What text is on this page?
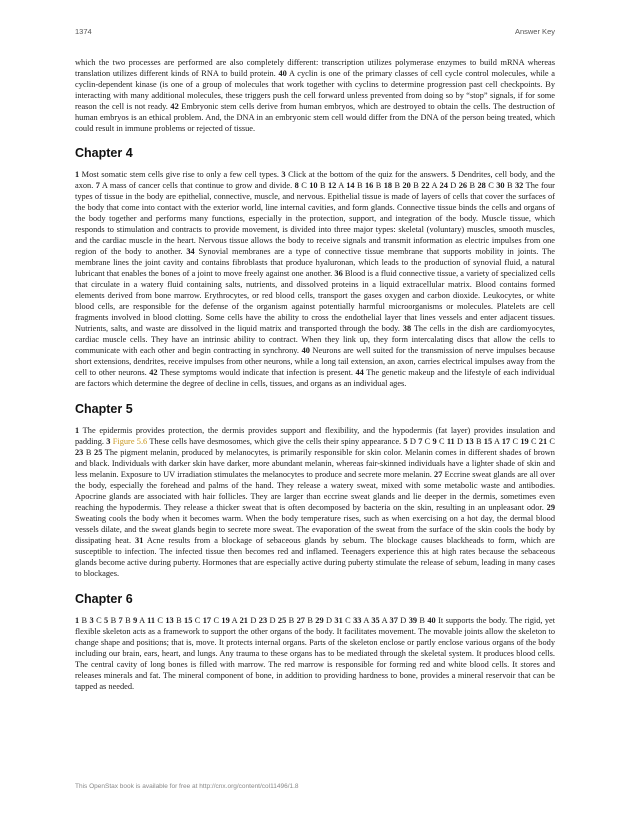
1374	Answer Key

which the two processes are performed are also completely different: transcription utilizes polymerase enzymes to build mRNA whereas translation utilizes different kinds of RNA to build protein. 40 A cyclin is one of the primary classes of cell cycle control molecules, while a cyclin-dependent kinase (is one of a group of molecules that work together with cyclins to determine progression past cell checkpoints. By interacting with many additional molecules, these triggers push the cell forward unless prevented from doing so by “stop” signals, if for some reason the cell is not ready. 42 Embryonic stem cells derive from human embryos, which are destroyed to obtain the cells. The destruction of human embryos is an ethical problem. And, the DNA in an embryonic stem cell would differ from the DNA of the person being treated, which could result in immune problems or rejected of tissue.

Chapter 4

1 Most somatic stem cells give rise to only a few cell types. 3 Click at the bottom of the quiz for the answers. 5 Dendrites, cell body, and the axon. 7 A mass of cancer cells that continue to grow and divide. 8 C 10 B 12 A 14 B 16 B 18 B 20 B 22 A 24 D 26 B 28 C 30 B 32 The four types of tissue in the body are epithelial, connective, muscle, and nervous. Epithelial tissue is made of layers of cells that cover the surfaces of the body that come into contact with the exterior world, line internal cavities, and form glands. Connective tissue binds the cells and organs of the body together and performs many functions, especially in the protection, support, and integration of the body. Muscle tissue, which responds to stimulation and contracts to provide movement, is divided into three major types: skeletal (voluntary) muscles, smooth muscles, and the cardiac muscle in the heart. Nervous tissue allows the body to receive signals and transmit information as electric impulses from one region of the body to another. 34 Synovial membranes are a type of connective tissue membrane that supports mobility in joints. The membrane lines the joint cavity and contains fibroblasts that produce hyaluronan, which leads to the production of synovial fluid, a natural lubricant that enables the bones of a joint to move freely against one another. 36 Blood is a fluid connective tissue, a variety of specialized cells that circulate in a watery fluid containing salts, nutrients, and dissolved proteins in a liquid extracellular matrix. Blood contains formed elements derived from bone marrow. Erythrocytes, or red blood cells, transport the gases oxygen and carbon dioxide. Leukocytes, or white blood cells, are responsible for the defense of the organism against potentially harmful microorganisms or molecules. Platelets are cell fragments involved in blood clotting. Some cells have the ability to cross the endothelial layer that lines vessels and enter adjacent tissues. Nutrients, salts, and waste are dissolved in the liquid matrix and transported through the body. 38 The cells in the dish are cardiomyocytes, cardiac muscle cells. They have an intrinsic ability to contract. When they link up, they form intercalating discs that allow the cells to communicate with each other and begin contracting in synchrony. 40 Neurons are well suited for the transmission of nerve impulses because short extensions, dendrites, receive impulses from other neurons, while a long tail extension, an axon, carries electrical impulses away from the cell to other neurons. 42 These symptoms would indicate that infection is present. 44 The genetic makeup and the lifestyle of each individual are factors which determine the degree of decline in cells, tissues, and organs as an individual ages.

Chapter 5

1 The epidermis provides protection, the dermis provides support and flexibility, and the hypodermis (fat layer) provides insulation and padding. 3 Figure 5.6 These cells have desmosomes, which give the cells their spiny appearance. 5 D 7 C 9 C 11 D 13 B 15 A 17 C 19 C 21 C 23 B 25 The pigment melanin, produced by melanocytes, is primarily responsible for skin color. Melanin comes in different shades of brown and black. Individuals with darker skin have darker, more abundant melanin, whereas fair-skinned individuals have a lighter shade of skin and less melanin. Exposure to UV irradiation stimulates the melanocytes to produce and secrete more melanin. 27 Eccrine sweat glands are all over the body, especially the forehead and palms of the hand. They release a watery sweat, mixed with some metabolic waste and antibodies. Apocrine glands are associated with hair follicles. They are larger than eccrine sweat glands and lie deeper in the dermis, sometimes even reaching the hypodermis. They release a thicker sweat that is often decomposed by bacteria on the skin, resulting in an unpleasant odor. 29 Sweating cools the body when it becomes warm. When the body temperature rises, such as when exercising on a hot day, the dermal blood vessels dilate, and the sweat glands begin to secrete more sweat. The evaporation of the sweat from the surface of the skin cools the body by dissipating heat. 31 Acne results from a blockage of sebaceous glands by sebum. The blockage causes blackheads to form, which are susceptible to infection. The infected tissue then becomes red and inflamed. Teenagers experience this at high rates because the sebaceous glands become active during puberty. Hormones that are especially active during puberty stimulate the release of sebum, leading in many cases to blockages.

Chapter 6

1 B 3 C 5 B 7 B 9 A 11 C 13 B 15 C 17 C 19 A 21 D 23 D 25 B 27 B 29 D 31 C 33 A 35 A 37 D 39 B 40 It supports the body. The rigid, yet flexible skeleton acts as a framework to support the other organs of the body. It facilitates movement. The movable joints allow the skeleton to change shape and positions; that is, move. It protects internal organs. Parts of the skeleton enclose or partly enclose various organs of the body including our brain, ears, heart, and lungs. Any trauma to these organs has to be mediated through the skeletal system. It produces blood cells. The central cavity of long bones is filled with marrow. The red marrow is responsible for forming red and white blood cells. It stores and releases minerals and fat. The mineral component of bone, in addition to providing hardness to bone, provides a mineral reservoir that can be tapped as needed.

This OpenStax book is available for free at http://cnx.org/content/col11496/1.8
